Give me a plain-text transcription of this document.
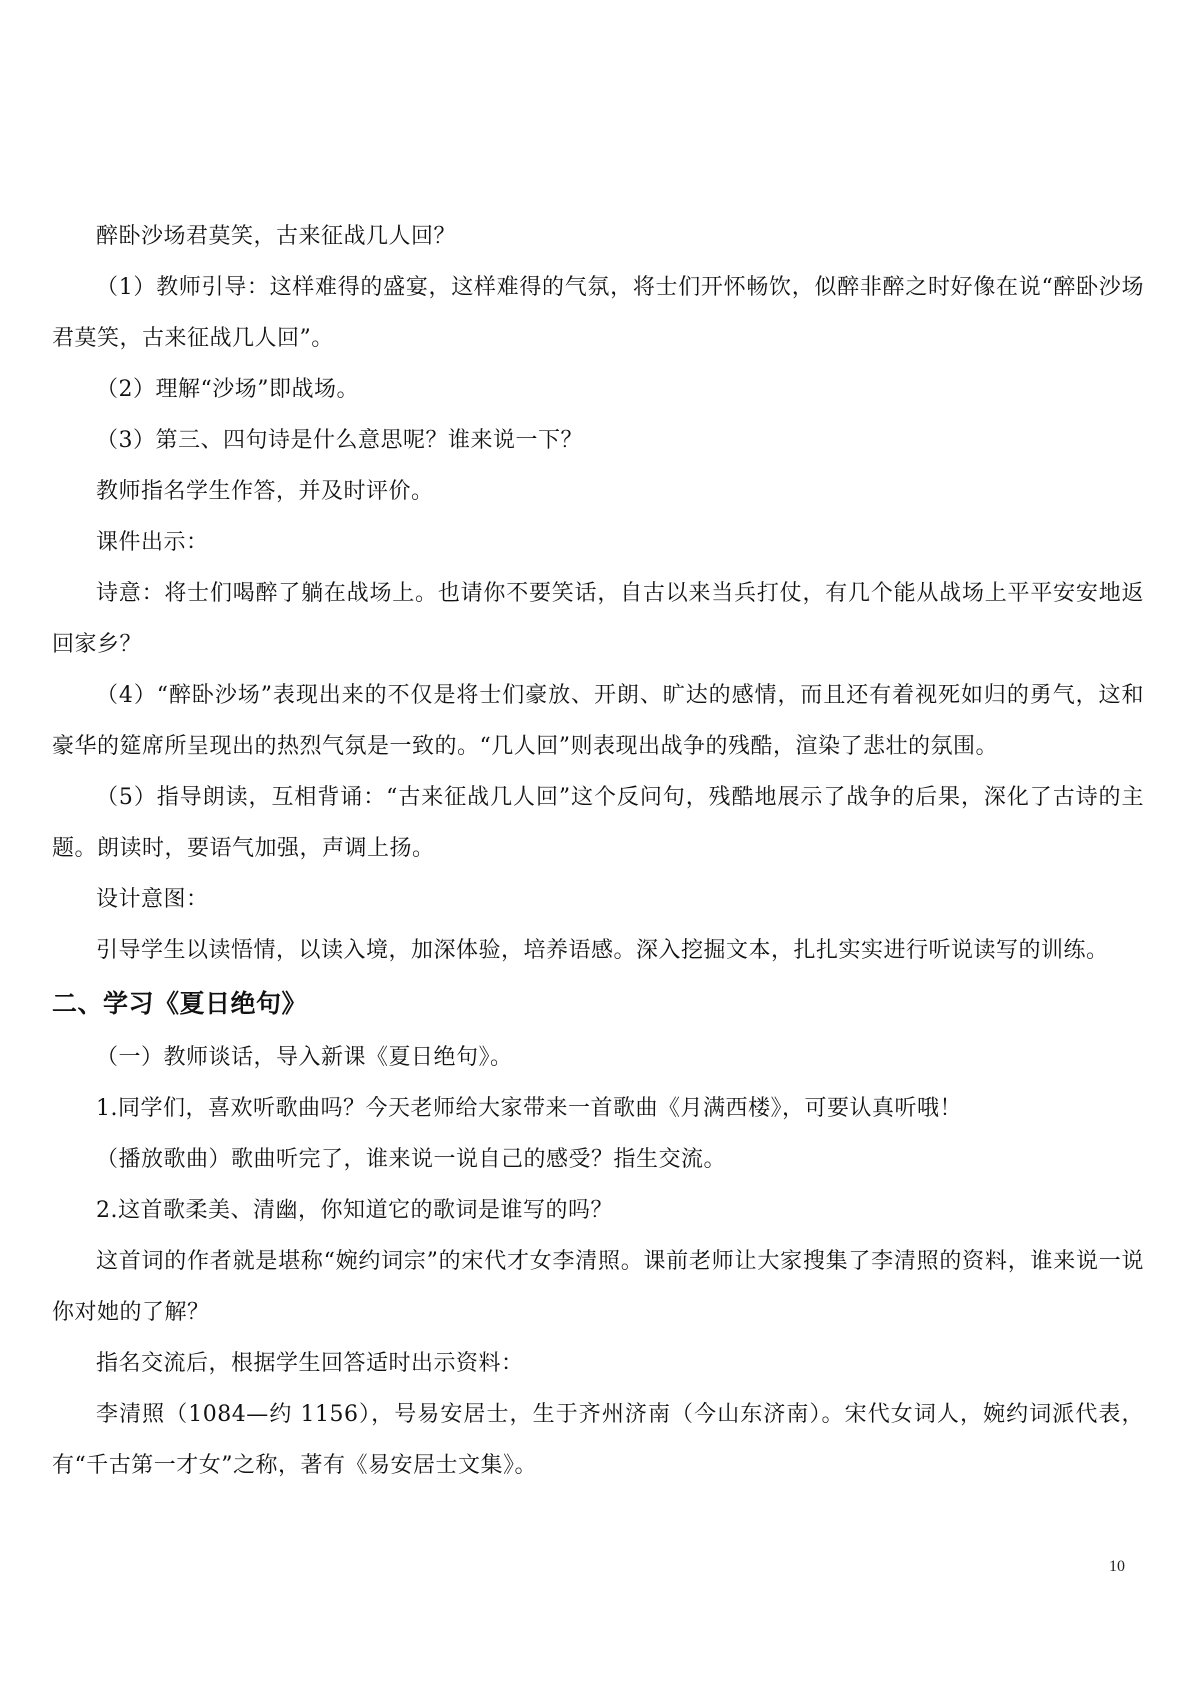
醉卧沙场君莫笑，古来征战几人回？

（1）教师引导：这样难得的盛宴，这样难得的气氛，将士们开怀畅饮，似醉非醉之时好像在说“醉卧沙场君莫笑，古来征战几人回”。

（2）理解“沙场”即战场。

（3）第三、四句诗是什么意思呢？谁来说一下？

教师指名学生作答，并及时评价。

课件出示：

诗意：将士们喝醉了躺在战场上。也请你不要笑话，自古以来当兵打仗，有几个能从战场上平平安安地返回家乡？

（4）“醉卧沙场”表现出来的不仅是将士们豪放、开朗、旷达的感情，而且还有着视死如归的勇气，这和豪华的筵席所呈现出的热烈气氛是一致的。“几人回”则表现出战争的残酷，渲染了悲壮的氛围。

（5）指导朗读，互相背诵：“古来征战几人回”这个反问句，残酷地展示了战争的后果，深化了古诗的主题。朗读时，要语气加强，声调上扬。

设计意图：

引导学生以读悟情，以读入境，加深体验，培养语感。深入挖掘文本，扎扎实实进行听说读写的训练。

二、学习《夏日绝句》

（一）教师谈话，导入新课《夏日绝句》。

1.同学们，喜欢听歌曲吗？今天老师给大家带来一首歌曲《月满西楼》，可要认真听哦！

（播放歌曲）歌曲听完了，谁来说一说自己的感受？指生交流。

2.这首歌柔美、清幽，你知道它的歌词是谁写的吗？

这首词的作者就是堪称“婉约词宗”的宋代才女李清照。课前老师让大家搜集了李清照的资料，谁来说一说你对她的了解？

指名交流后，根据学生回答适时出示资料：

李清照（1084—约 1156），号易安居士，生于齐州济南（今山东济南）。宋代女词人，婉约词派代表，有“千古第一才女”之称，著有《易安居士文集》。

10
